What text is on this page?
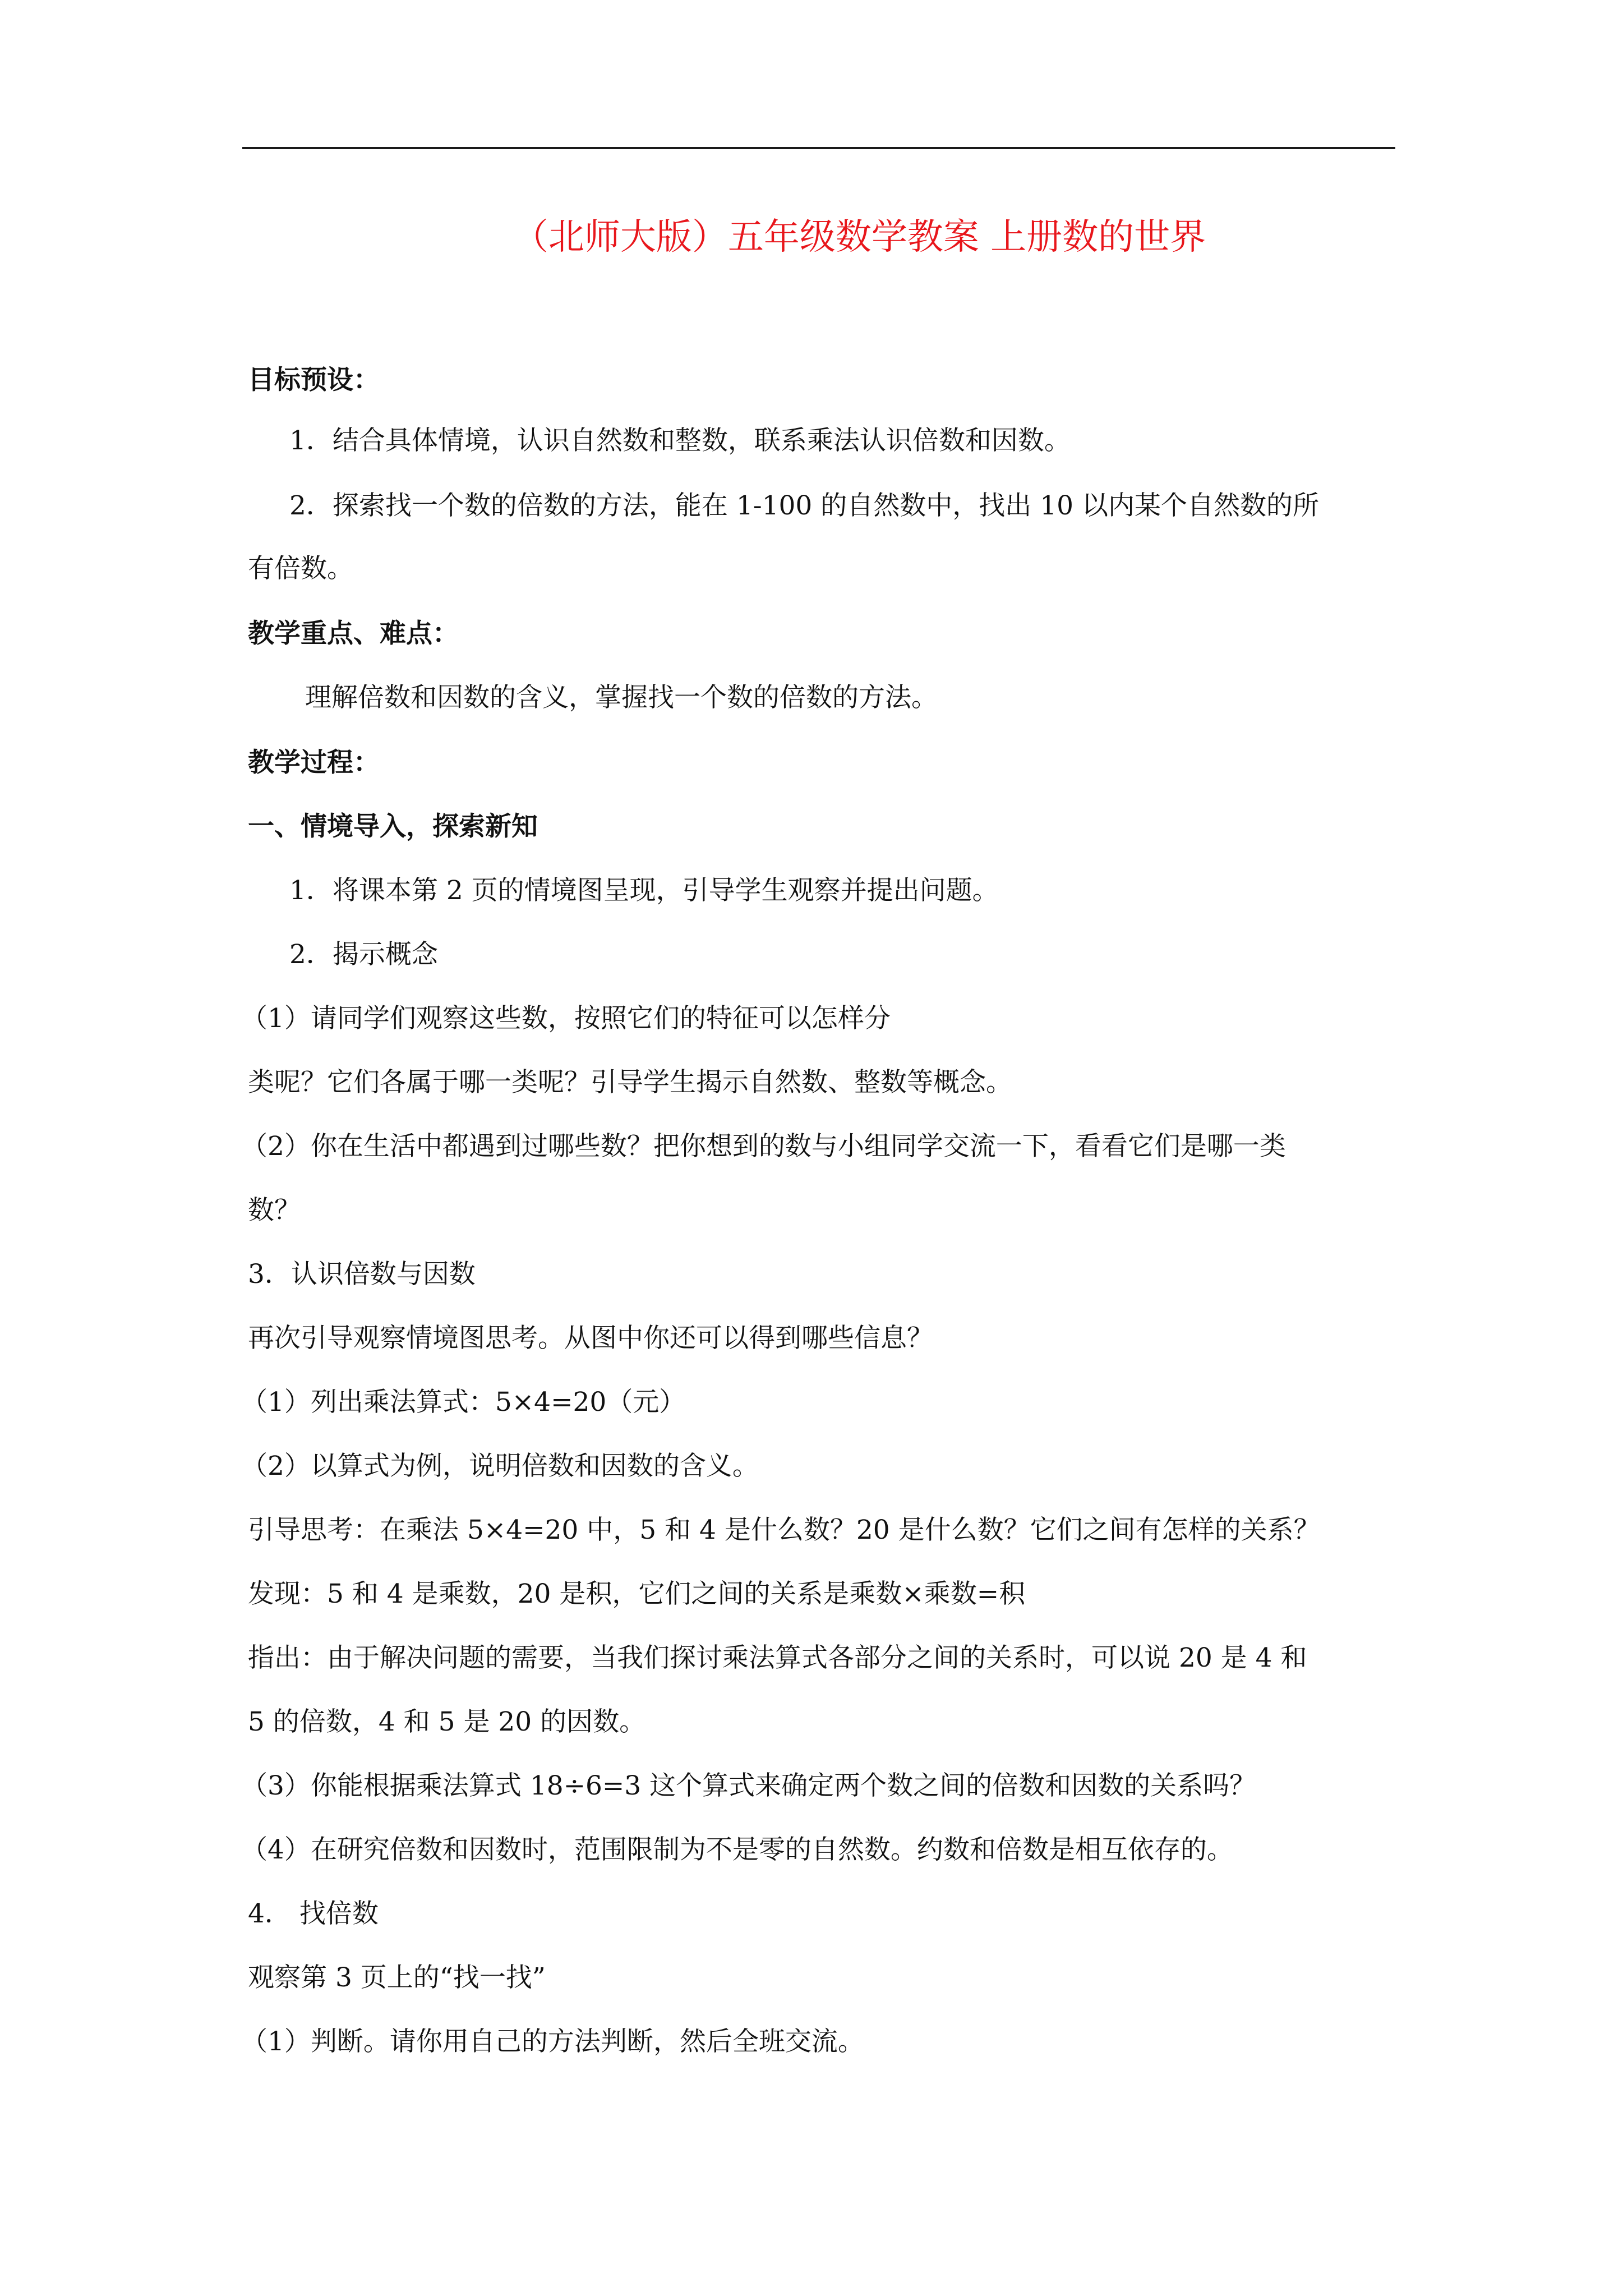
（北师大版）五年级数学教案 上册数的世界
目标预设：
1．结合具体情境，认识自然数和整数，联系乘法认识倍数和因数。
2．探索找一个数的倍数的方法，能在 1-100 的自然数中，找出 10 以内某个自然数的所
有倍数。
教学重点、难点：
理解倍数和因数的含义，掌握找一个数的倍数的方法。
教学过程：
一、情境导入，探索新知
1．将课本第 2 页的情境图呈现，引导学生观察并提出问题。
2．揭示概念
（1）请同学们观察这些数，按照它们的特征可以怎样分
类呢？它们各属于哪一类呢？引导学生揭示自然数、整数等概念。
（2）你在生活中都遇到过哪些数？把你想到的数与小组同学交流一下，看看它们是哪一类
数？
3．认识倍数与因数
再次引导观察情境图思考。从图中你还可以得到哪些信息？
（1）列出乘法算式：5×4=20（元）
（2）以算式为例，说明倍数和因数的含义。
引导思考：在乘法 5×4=20 中，5 和 4 是什么数？20 是什么数？它们之间有怎样的关系？
发现：5 和 4 是乘数，20 是积，它们之间的关系是乘数×乘数=积
指出：由于解决问题的需要，当我们探讨乘法算式各部分之间的关系时，可以说 20 是 4 和
5 的倍数，4 和 5 是 20 的因数。
（3）你能根据乘法算式 18÷6=3 这个算式来确定两个数之间的倍数和因数的关系吗？
（4）在研究倍数和因数时，范围限制为不是零的自然数。约数和倍数是相互依存的。
4． 找倍数
观察第 3 页上的“找一找”
（1）判断。请你用自己的方法判断，然后全班交流。
